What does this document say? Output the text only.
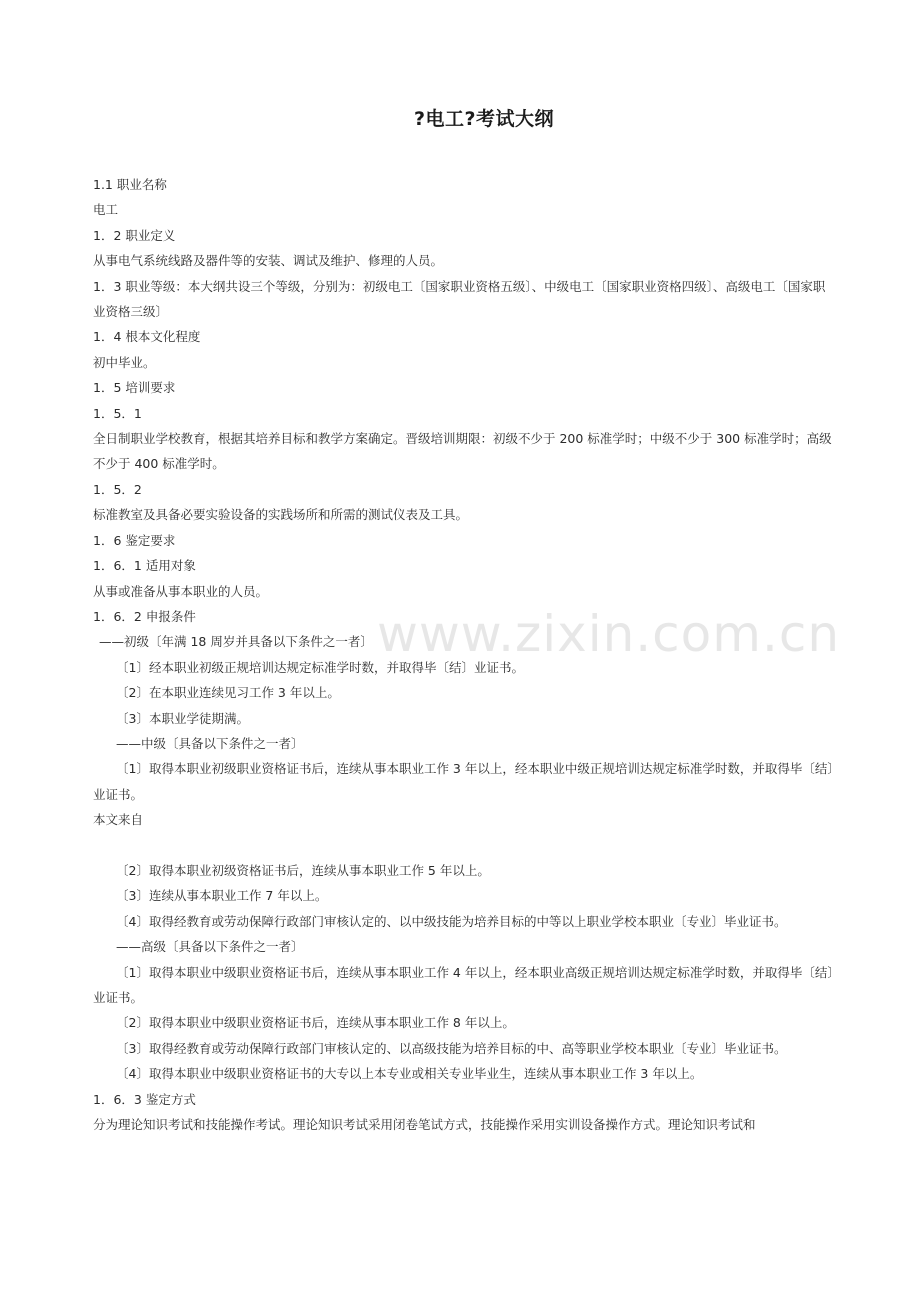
?电工?考试大纲
www.zixin.com.cn

1.1 职业名称

电工

1．2 职业定义

从事电气系统线路及器件等的安装、调试及维护、修理的人员。

1．3 职业等级：本大纲共设三个等级，分别为：初级电工〔国家职业资格五级〕、中级电工〔国家职业资格四级〕、高级电工〔国家职业资格三级〕

1．4 根本文化程度

初中毕业。

1．5 培训要求

1．5．1

全日制职业学校教育，根据其培养目标和教学方案确定。晋级培训期限：初级不少于 200 标准学时；中级不少于 300 标准学时；高级不少于 400 标准学时。

1．5．2

标准教室及具备必要实验设备的实践场所和所需的测试仪表及工具。

1．6 鉴定要求

1．6．1 适用对象

从事或准备从事本职业的人员。

1．6．2 申报条件

——初级〔年满 18 周岁并具备以下条件之一者〕

〔1〕经本职业初级正规培训达规定标准学时数，并取得毕〔结〕业证书。

〔2〕在本职业连续见习工作 3 年以上。

〔3〕本职业学徒期满。

——中级〔具备以下条件之一者〕

〔1〕取得本职业初级职业资格证书后，连续从事本职业工作 3 年以上，经本职业中级正规培训达规定标准学时数，并取得毕〔结〕业证书。

本文来自

〔2〕取得本职业初级资格证书后，连续从事本职业工作 5 年以上。

〔3〕连续从事本职业工作 7 年以上。

〔4〕取得经教育或劳动保障行政部门审核认定的、以中级技能为培养目标的中等以上职业学校本职业〔专业〕毕业证书。

——高级〔具备以下条件之一者〕

〔1〕取得本职业中级职业资格证书后，连续从事本职业工作 4 年以上，经本职业高级正规培训达规定标准学时数，并取得毕〔结〕业证书。

〔2〕取得本职业中级职业资格证书后，连续从事本职业工作 8 年以上。

〔3〕取得经教育或劳动保障行政部门审核认定的、以高级技能为培养目标的中、高等职业学校本职业〔专业〕毕业证书。

〔4〕取得本职业中级职业资格证书的大专以上本专业或相关专业毕业生，连续从事本职业工作 3 年以上。

1．6．3 鉴定方式

分为理论知识考试和技能操作考试。理论知识考试采用闭卷笔试方式，技能操作采用实训设备操作方式。理论知识考试和
